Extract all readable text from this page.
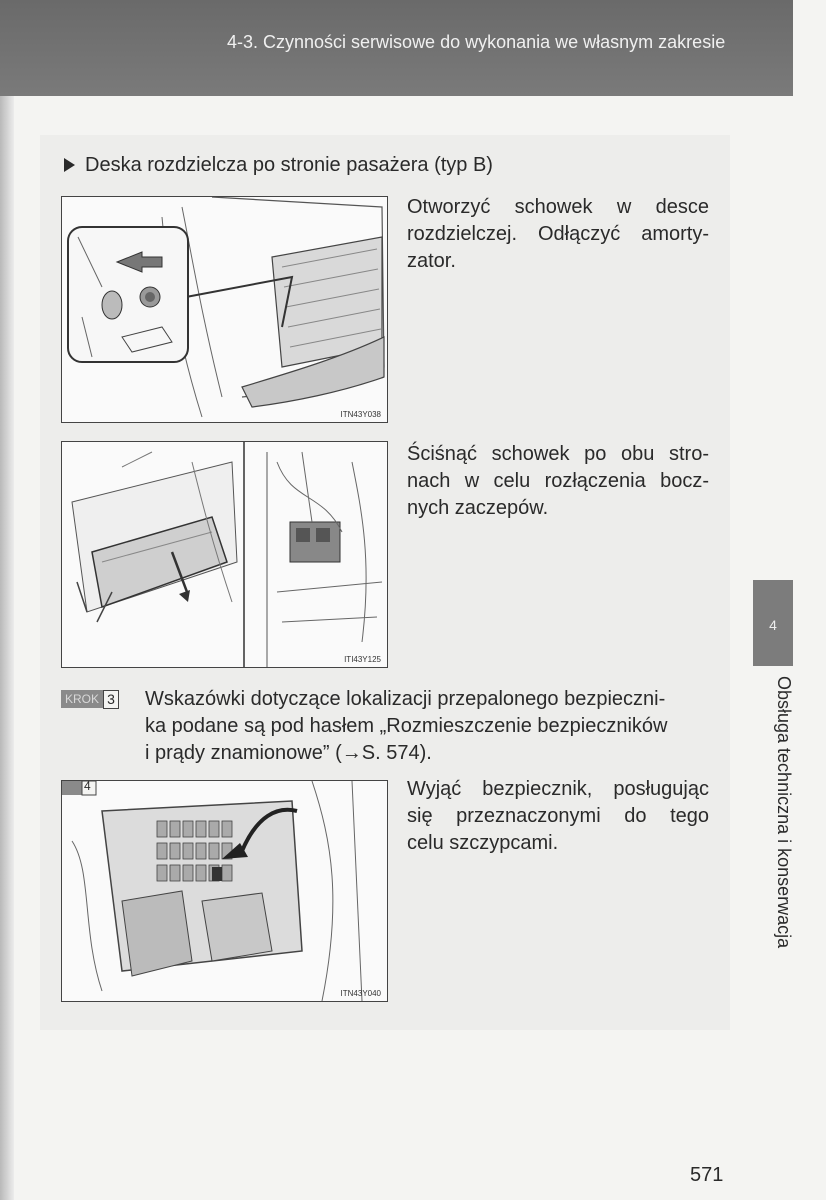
4-3. Czynności serwisowe do wykonania we własnym zakresie
Deska rozdzielcza po stronie pasażera (typ B)
ITN43Y038
Otworzyć schowek w desce
rozdzielczej. Odłączyć amorty-
zator.
ITI43Y125
Ściśnąć schowek po obu stro-
nach w celu rozłączenia bocz-
nych zaczepów.
KROK 3 Wskazówki dotyczące lokalizacji przepalonego bezpieczni-
ka podane są pod hasłem „Rozmieszczenie bezpieczników
i prądy znamionowe” (→S. 574).
4
ITN43Y040
Wyjąć bezpiecznik, posługując
się przeznaczonymi do tego
celu szczypcami.
4
Obsługa techniczna i konserwacja
571
